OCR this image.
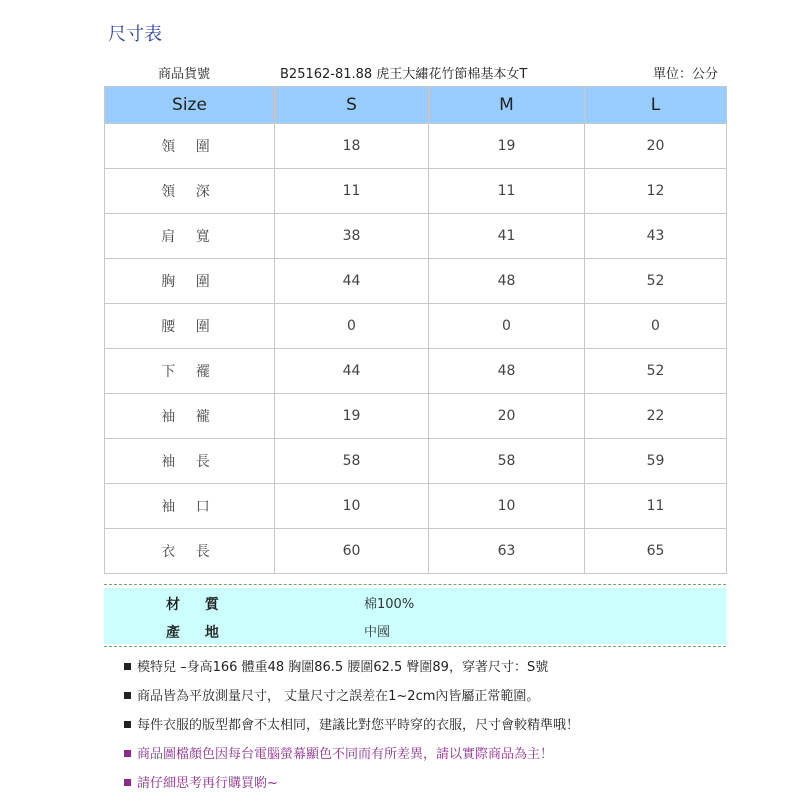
尺寸表
商品貨號	B25162-81.88 虎王大繡花竹節棉基本女T	單位：公分
Size	S	M	L
領 圍	18	19	20
領 深	11	11	12
肩 寬	38	41	43
胸 圍	44	48	52
腰 圍	0	0	0
下 襬	44	48	52
袖 襱	19	20	22
袖 長	58	58	59
袖 口	10	10	11
衣 長	60	63	65
材 質	棉100%
產 地	中國
模特兒 –身高166 體重48 胸圍86.5 腰圍62.5 臀圍89，穿著尺寸：S號
商品皆為平放測量尺寸， 丈量尺寸之誤差在1~2cm內皆屬正常範圍。
每件衣服的版型都會不太相同，建議比對您平時穿的衣服，尺寸會較精準哦！
商品圖檔顏色因每台電腦螢幕顯色不同而有所差異，請以實際商品為主！
請仔細思考再行購買喲~
